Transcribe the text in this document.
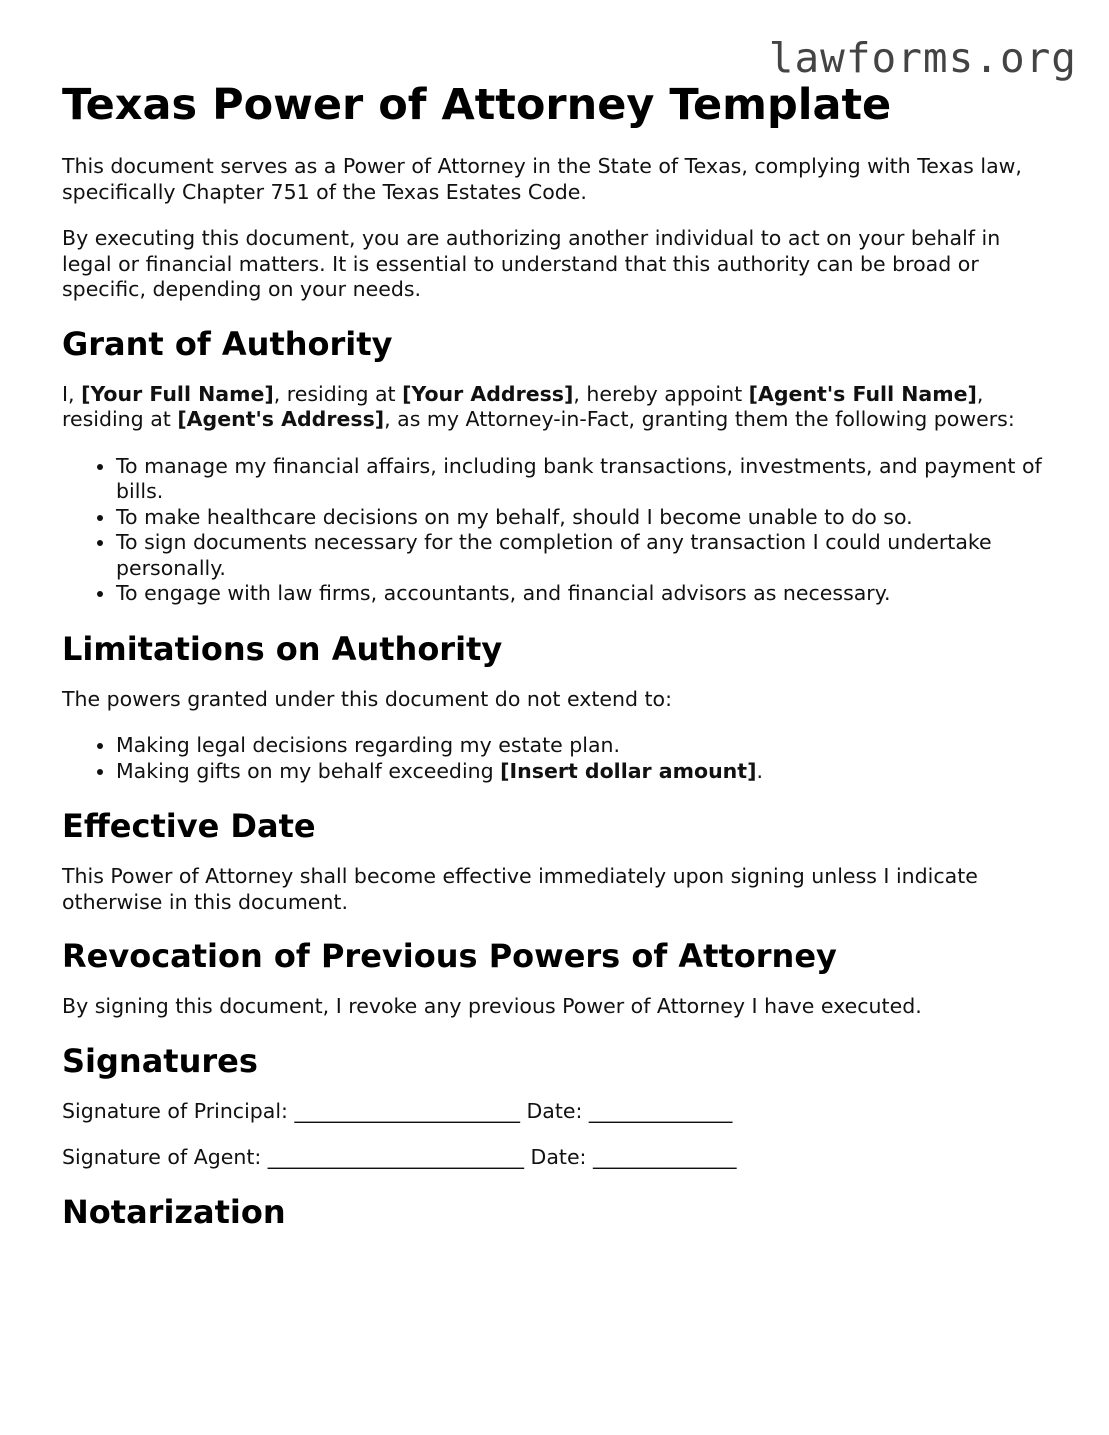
lawforms.org
Texas Power of Attorney Template

This document serves as a Power of Attorney in the State of Texas, complying with Texas law, specifically Chapter 751 of the Texas Estates Code.

By executing this document, you are authorizing another individual to act on your behalf in legal or financial matters. It is essential to understand that this authority can be broad or specific, depending on your needs.

Grant of Authority

I, [Your Full Name], residing at [Your Address], hereby appoint [Agent's Full Name], residing at [Agent's Address], as my Attorney-in-Fact, granting them the following powers:

• To manage my financial affairs, including bank transactions, investments, and payment of bills.
• To make healthcare decisions on my behalf, should I become unable to do so.
• To sign documents necessary for the completion of any transaction I could undertake personally.
• To engage with law firms, accountants, and financial advisors as necessary.
Limitations on Authority

The powers granted under this document do not extend to:

• Making legal decisions regarding my estate plan.
• Making gifts on my behalf exceeding [Insert dollar amount].
Effective Date

This Power of Attorney shall become effective immediately upon signing unless I indicate otherwise in this document.

Revocation of Previous Powers of Attorney

By signing this document, I revoke any previous Power of Attorney I have executed.

Signatures

Signature of Principal: ______________________ Date: ______________

Signature of Agent: _________________________ Date: ______________

Notarization
